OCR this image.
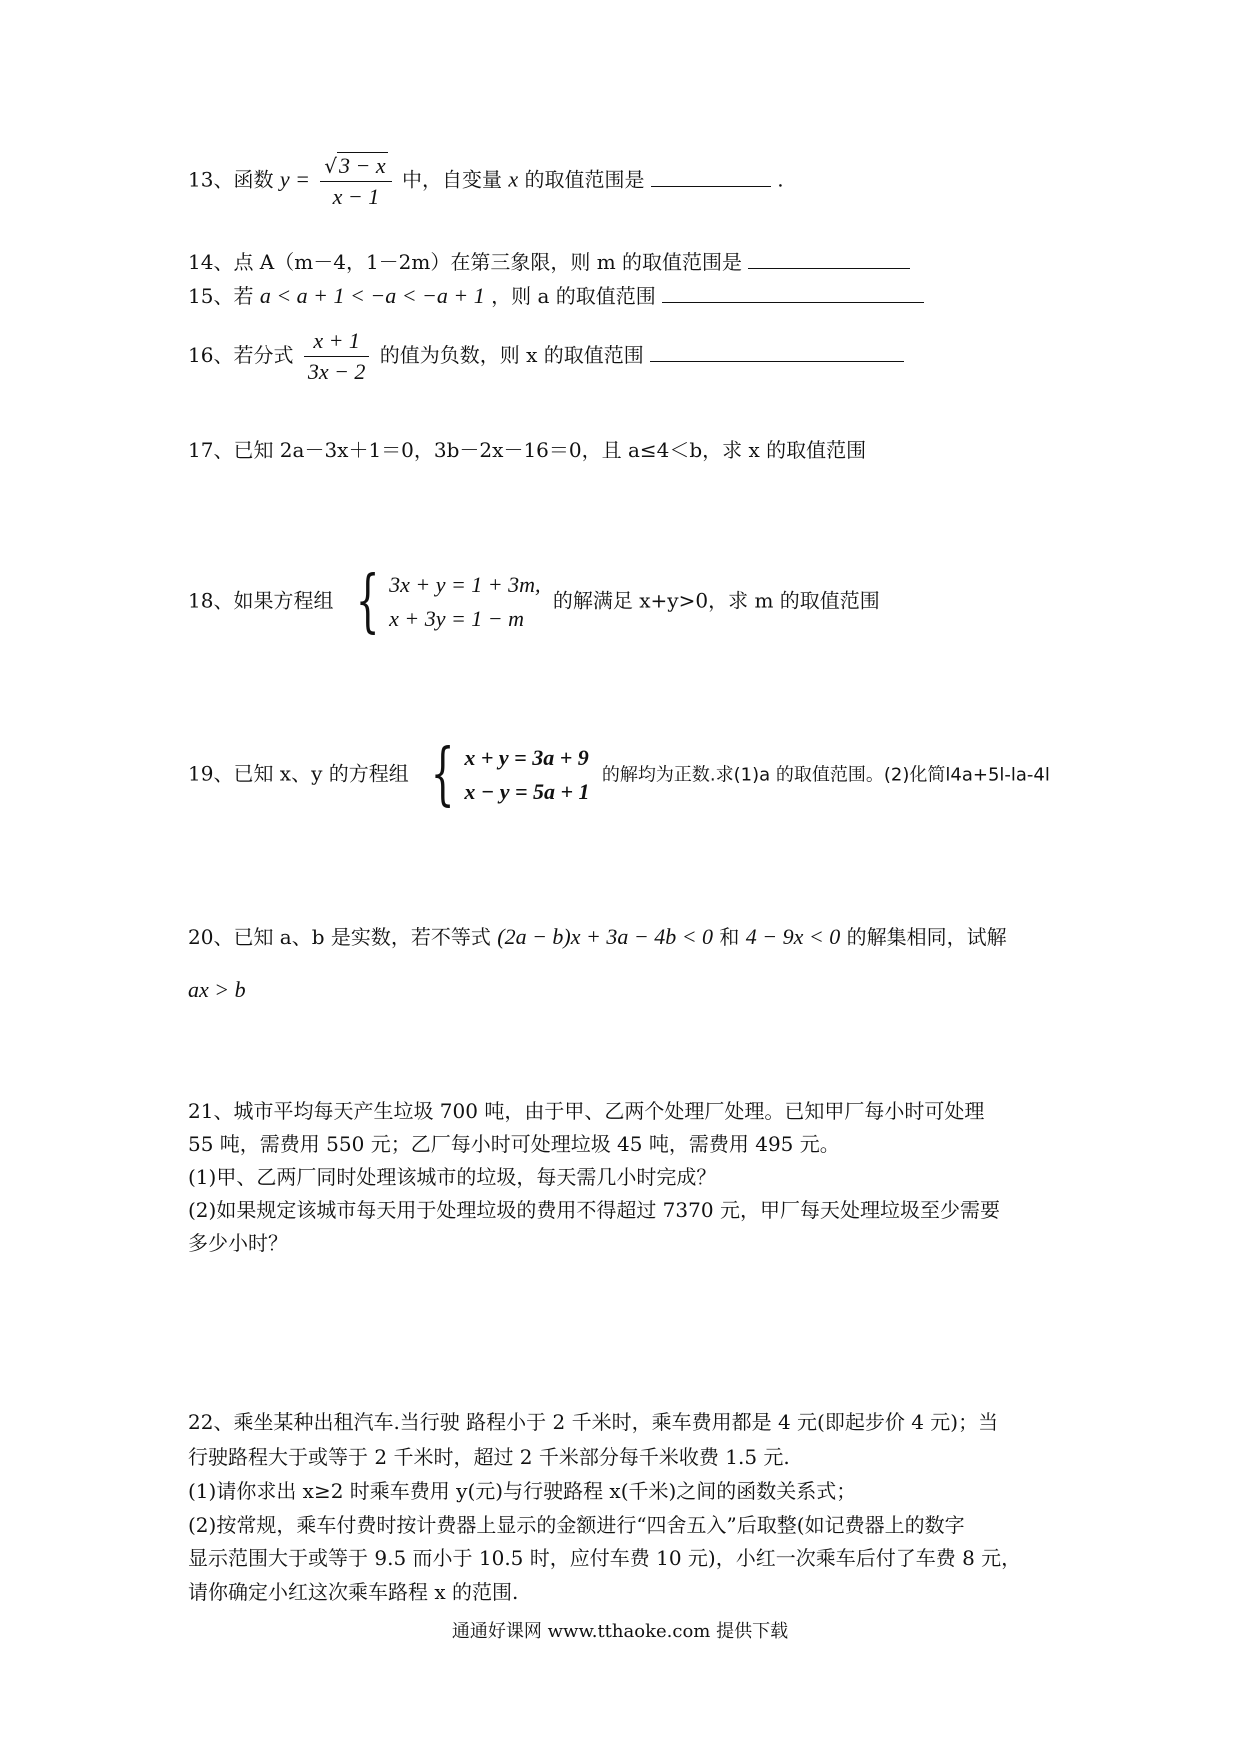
13、函数 $y = \frac{√3 - x}{x - 1}$ 中，自变量 x 的取值范围是	.
14、点 A（m－4，1－2m）在第三象限，则 m 的取值范围是
15、若 a < a + 1 < −a < −a + 1 ，则 a 的取值范围
16、若分式 $\frac{x + 1}{3x - 2}$ 的值为负数，则 x 的取值范围
17、已知 2a－3x＋1＝0，3b－2x－16＝0，且 a≤4＜b，求 x 的取值范围
18、如果方程组 { 3x + y = 1 + 3m,
x + 3y = 1 − m
的解满足 x+y>0，求 m 的取值范围
19、已知 x、y 的方程组 { x + y = 3a + 9
x − y = 5a + 1
的解均为正数.求(1)a 的取值范围。(2)化简l4a+5l-la-4l
20、已知 a、b 是实数，若不等式 (2a − b)x + 3a − 4b < 0 和 4 − 9x < 0 的解集相同，试解
ax > b
21、城市平均每天产生垃圾 700 吨，由于甲、乙两个处理厂处理。已知甲厂每小时可处理
55 吨，需费用 550 元；乙厂每小时可处理垃圾 45 吨，需费用 495 元。
(1)甲、乙两厂同时处理该城市的垃圾，每天需几小时完成？
(2)如果规定该城市每天用于处理垃圾的费用不得超过 7370 元，甲厂每天处理垃圾至少需要
多少小时？
22、乘坐某种出租汽车.当行驶 路程小于 2 千米时，乘车费用都是 4 元(即起步价 4 元)；当
行驶路程大于或等于 2 千米时，超过 2 千米部分每千米收费 1.5 元.
(1)请你求出 x≥2 时乘车费用 y(元)与行驶路程 x(千米)之间的函数关系式；
(2)按常规，乘车付费时按计费器上显示的金额进行“四舍五入”后取整(如记费器上的数字
显示范围大于或等于 9.5 而小于 10.5 时，应付车费 10 元)，小红一次乘车后付了车费 8 元，
请你确定小红这次乘车路程 x 的范围.
通通好课网 www.tthaoke.com 提供下载
